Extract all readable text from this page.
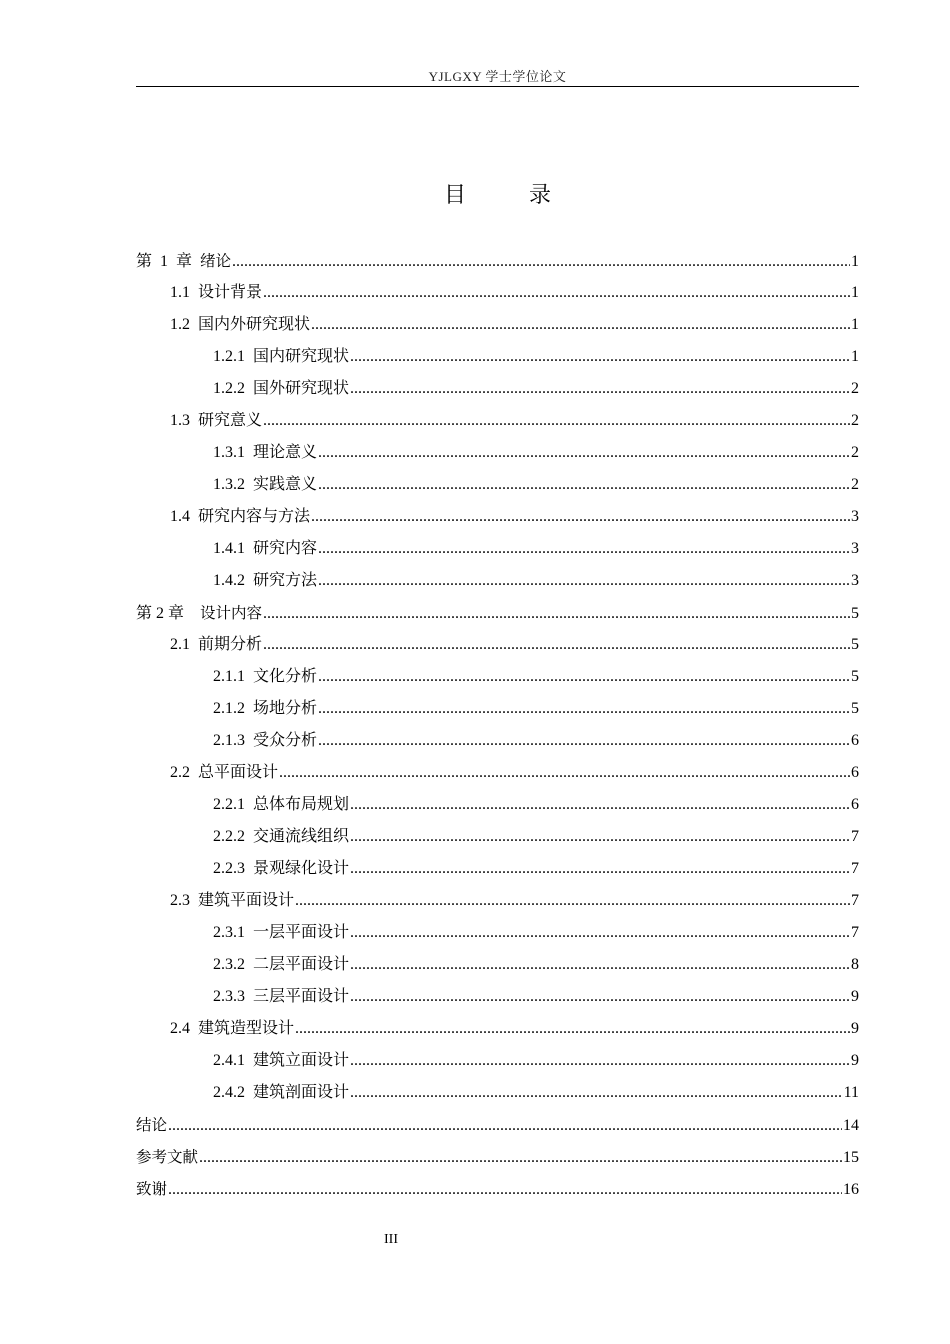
YJLGXY 学士学位论文
目 录
第  1  章 绪论 .....	1
1.1 设计背景 .....	1
1.2 国内外研究现状 .....	1
1.2.1 国内研究现状 .....	1
1.2.2 国外研究现状 .....	2
1.3 研究意义 .....	2
1.3.1 理论意义 .....	2
1.3.2 实践意义 .....	2
1.4 研究内容与方法 .....	3
1.4.1 研究内容 .....	3
1.4.2 研究方法 .....	3
第 2 章 设计内容 .....	5
2.1 前期分析 .....	5
2.1.1 文化分析 .....	5
2.1.2 场地分析 .....	5
2.1.3 受众分析 .....	6
2.2 总平面设计 .....	6
2.2.1 总体布局规划 .....	6
2.2.2 交通流线组织 .....	7
2.2.3 景观绿化设计 .....	7
2.3 建筑平面设计 .....	7
2.3.1 一层平面设计 .....	7
2.3.2 二层平面设计 .....	8
2.3.3 三层平面设计 .....	9
2.4 建筑造型设计 .....	9
2.4.1 建筑立面设计 .....	9
2.4.2 建筑剖面设计 .....	11
结论 .....	14
参考文献 .....	15
致谢 .....	16
III
